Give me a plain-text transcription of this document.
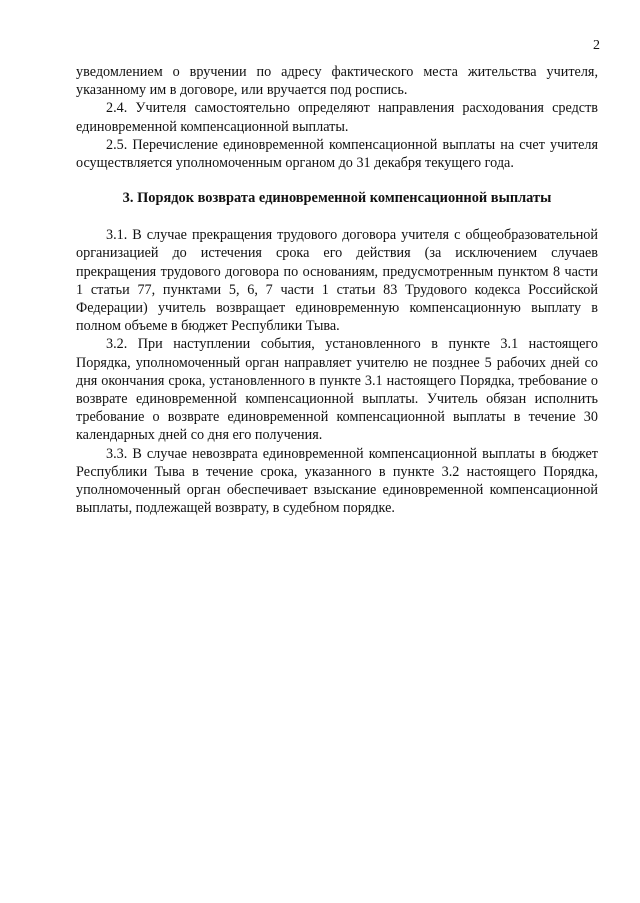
2

уведомлением о вручении по адресу фактического места жительства учителя, указанному им в договоре, или вручается под роспись.

2.4. Учителя самостоятельно определяют направления расходования средств единовременной компенсационной выплаты.

2.5. Перечисление единовременной компенсационной выплаты на счет учителя осуществляется уполномоченным органом до 31 декабря текущего года.

3. Порядок возврата единовременной компенсационной выплаты

3.1. В случае прекращения трудового договора учителя с общеобразовательной организацией до истечения срока его действия (за исключением случаев прекращения трудового договора по основаниям, предусмотренным пунктом 8 части 1 статьи 77, пунктами 5, 6, 7 части 1 статьи 83 Трудового кодекса Российской Федерации) учитель возвращает единовременную компенсационную выплату в полном объеме в бюджет Республики Тыва.

3.2. При наступлении события, установленного в пункте 3.1 настоящего Порядка, уполномоченный орган направляет учителю не позднее 5 рабочих дней со дня окончания срока, установленного в пункте 3.1 настоящего Порядка, требование о возврате единовременной компенсационной выплаты. Учитель обязан исполнить требование о возврате единовременной компенсационной выплаты в течение 30 календарных дней со дня его получения.

3.3. В случае невозврата единовременной компенсационной выплаты в бюджет Республики Тыва в течение срока, указанного в пункте 3.2 настоящего Порядка, уполномоченный орган обеспечивает взыскание единовременной компенсационной выплаты, подлежащей возврату, в судебном порядке.
